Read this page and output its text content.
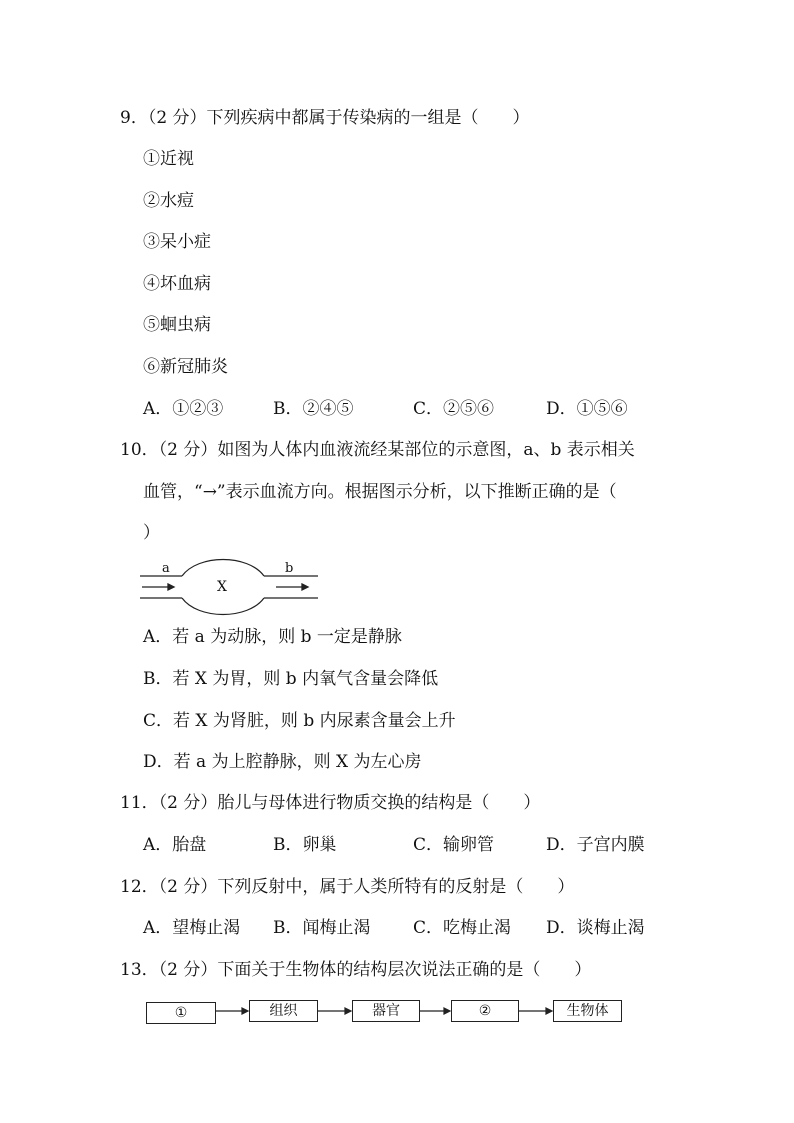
9．（2 分）下列疾病中都属于传染病的一组是（　　）
①近视
②水痘
③呆小症
④坏血病
⑤蛔虫病
⑥新冠肺炎
A．①②③	B．②④⑤	C．②⑤⑥	D．①⑤⑥
10．（2 分）如图为人体内血液流经某部位的示意图，a、b 表示相关
血管，“→”表示血流方向。根据图示分析，以下推断正确的是（
）
a
X
b
A．若 a 为动脉，则 b 一定是静脉
B．若 X 为胃，则 b 内氧气含量会降低
C．若 X 为肾脏，则 b 内尿素含量会上升
D．若 a 为上腔静脉，则 X 为左心房
11．（2 分）胎儿与母体进行物质交换的结构是（　　）
A．胎盘	B．卵巢	C．输卵管	D．子宫内膜
12．（2 分）下列反射中，属于人类所特有的反射是（　　）
A．望梅止渴 B．闻梅止渴	C．吃梅止渴 D．谈梅止渴
13．（2 分）下面关于生物体的结构层次说法正确的是（　　）
①	组织	器官	②	生物体
